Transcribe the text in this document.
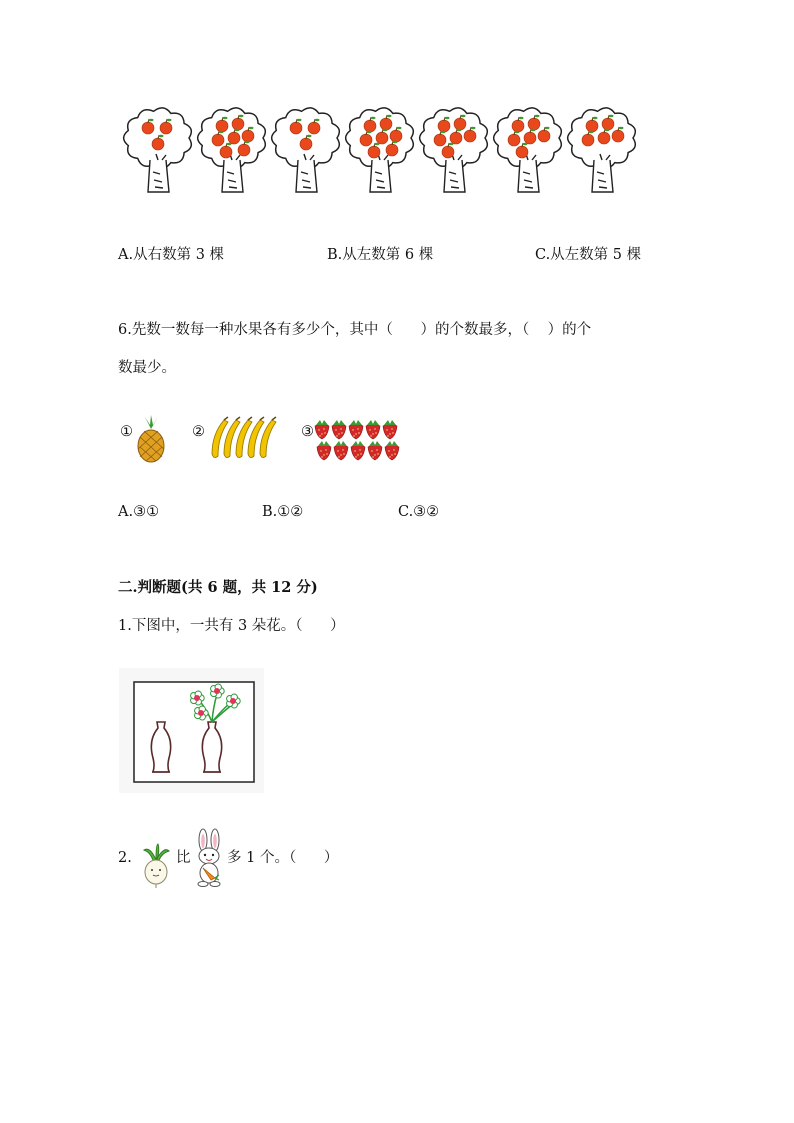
A.从右数第 3 棵	B.从左数第 6 棵	C.从左数第 5 棵
6.先数一数每一种水果各有多少个，其中（      ）的个数最多，（    ）的个
数最少。
①	②	③
A.③①	B.①②	C.③②
二.判断题(共 6 题，共 12 分)
1.下图中，一共有 3 朵花。（      ）
2.	比	多 1 个。（      ）
